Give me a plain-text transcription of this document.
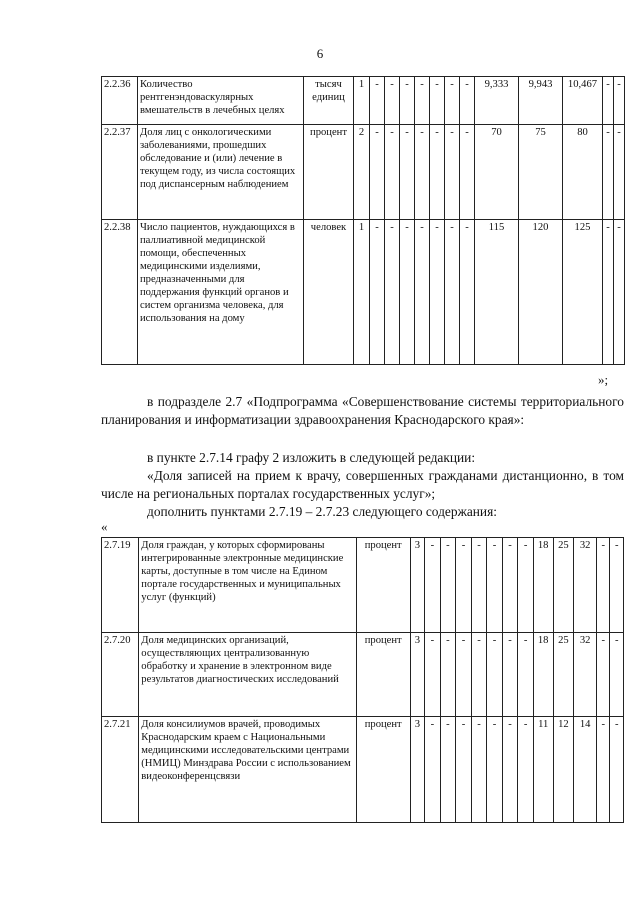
6
2.2.36	Количество рентгенэндоваскулярных вмешательств в лечебных целях	тысяч единиц	1	-	-	-	-	-	-	-	9,333	9,943	10,467	-	-
2.2.37	Доля лиц с онкологическими заболеваниями, прошедших обследование и (или) лечение в текущем году, из числа состоящих под диспансерным наблюдением	процент	2	-	-	-	-	-	-	-	70	75	80	-	-
2.2.38	Число пациентов, нуждающихся в паллиативной медицинской помощи, обеспеченных медицинскими изделиями, предназначенными для поддержания функций органов и систем организма человека, для использования на дому	человек	1	-	-	-	-	-	-	-	115	120	125	-	-
»;

в подразделе 2.7 «Подпрограмма «Совершенствование системы территориального планирования и информатизации здравоохранения Краснодарского края»:

в пункте 2.7.14 графу 2 изложить в следующей редакции:

«Доля записей на прием к врачу, совершенных гражданами дистанционно, в том числе на региональных порталах государственных услуг»;

дополнить пунктами 2.7.19 – 2.7.23 следующего содержания:

«
2.7.19	Доля граждан, у которых сформированы интегрированные электронные медицинские карты, доступные в том числе на Едином портале государственных и муниципальных услуг (функций)	процент	3	-	-	-	-	-	-	-	18	25	32	-	-
2.7.20	Доля медицинских организаций, осуществляющих централизованную обработку и хранение в электронном виде результатов диагностических исследований	процент	3	-	-	-	-	-	-	-	18	25	32	-	-
2.7.21	Доля консилиумов врачей, проводимых Краснодарским краем с Национальными медицинскими исследовательскими центрами (НМИЦ) Минздрава России с использованием видеоконференцсвязи	процент	3	-	-	-	-	-	-	-	11	12	14	-	-
